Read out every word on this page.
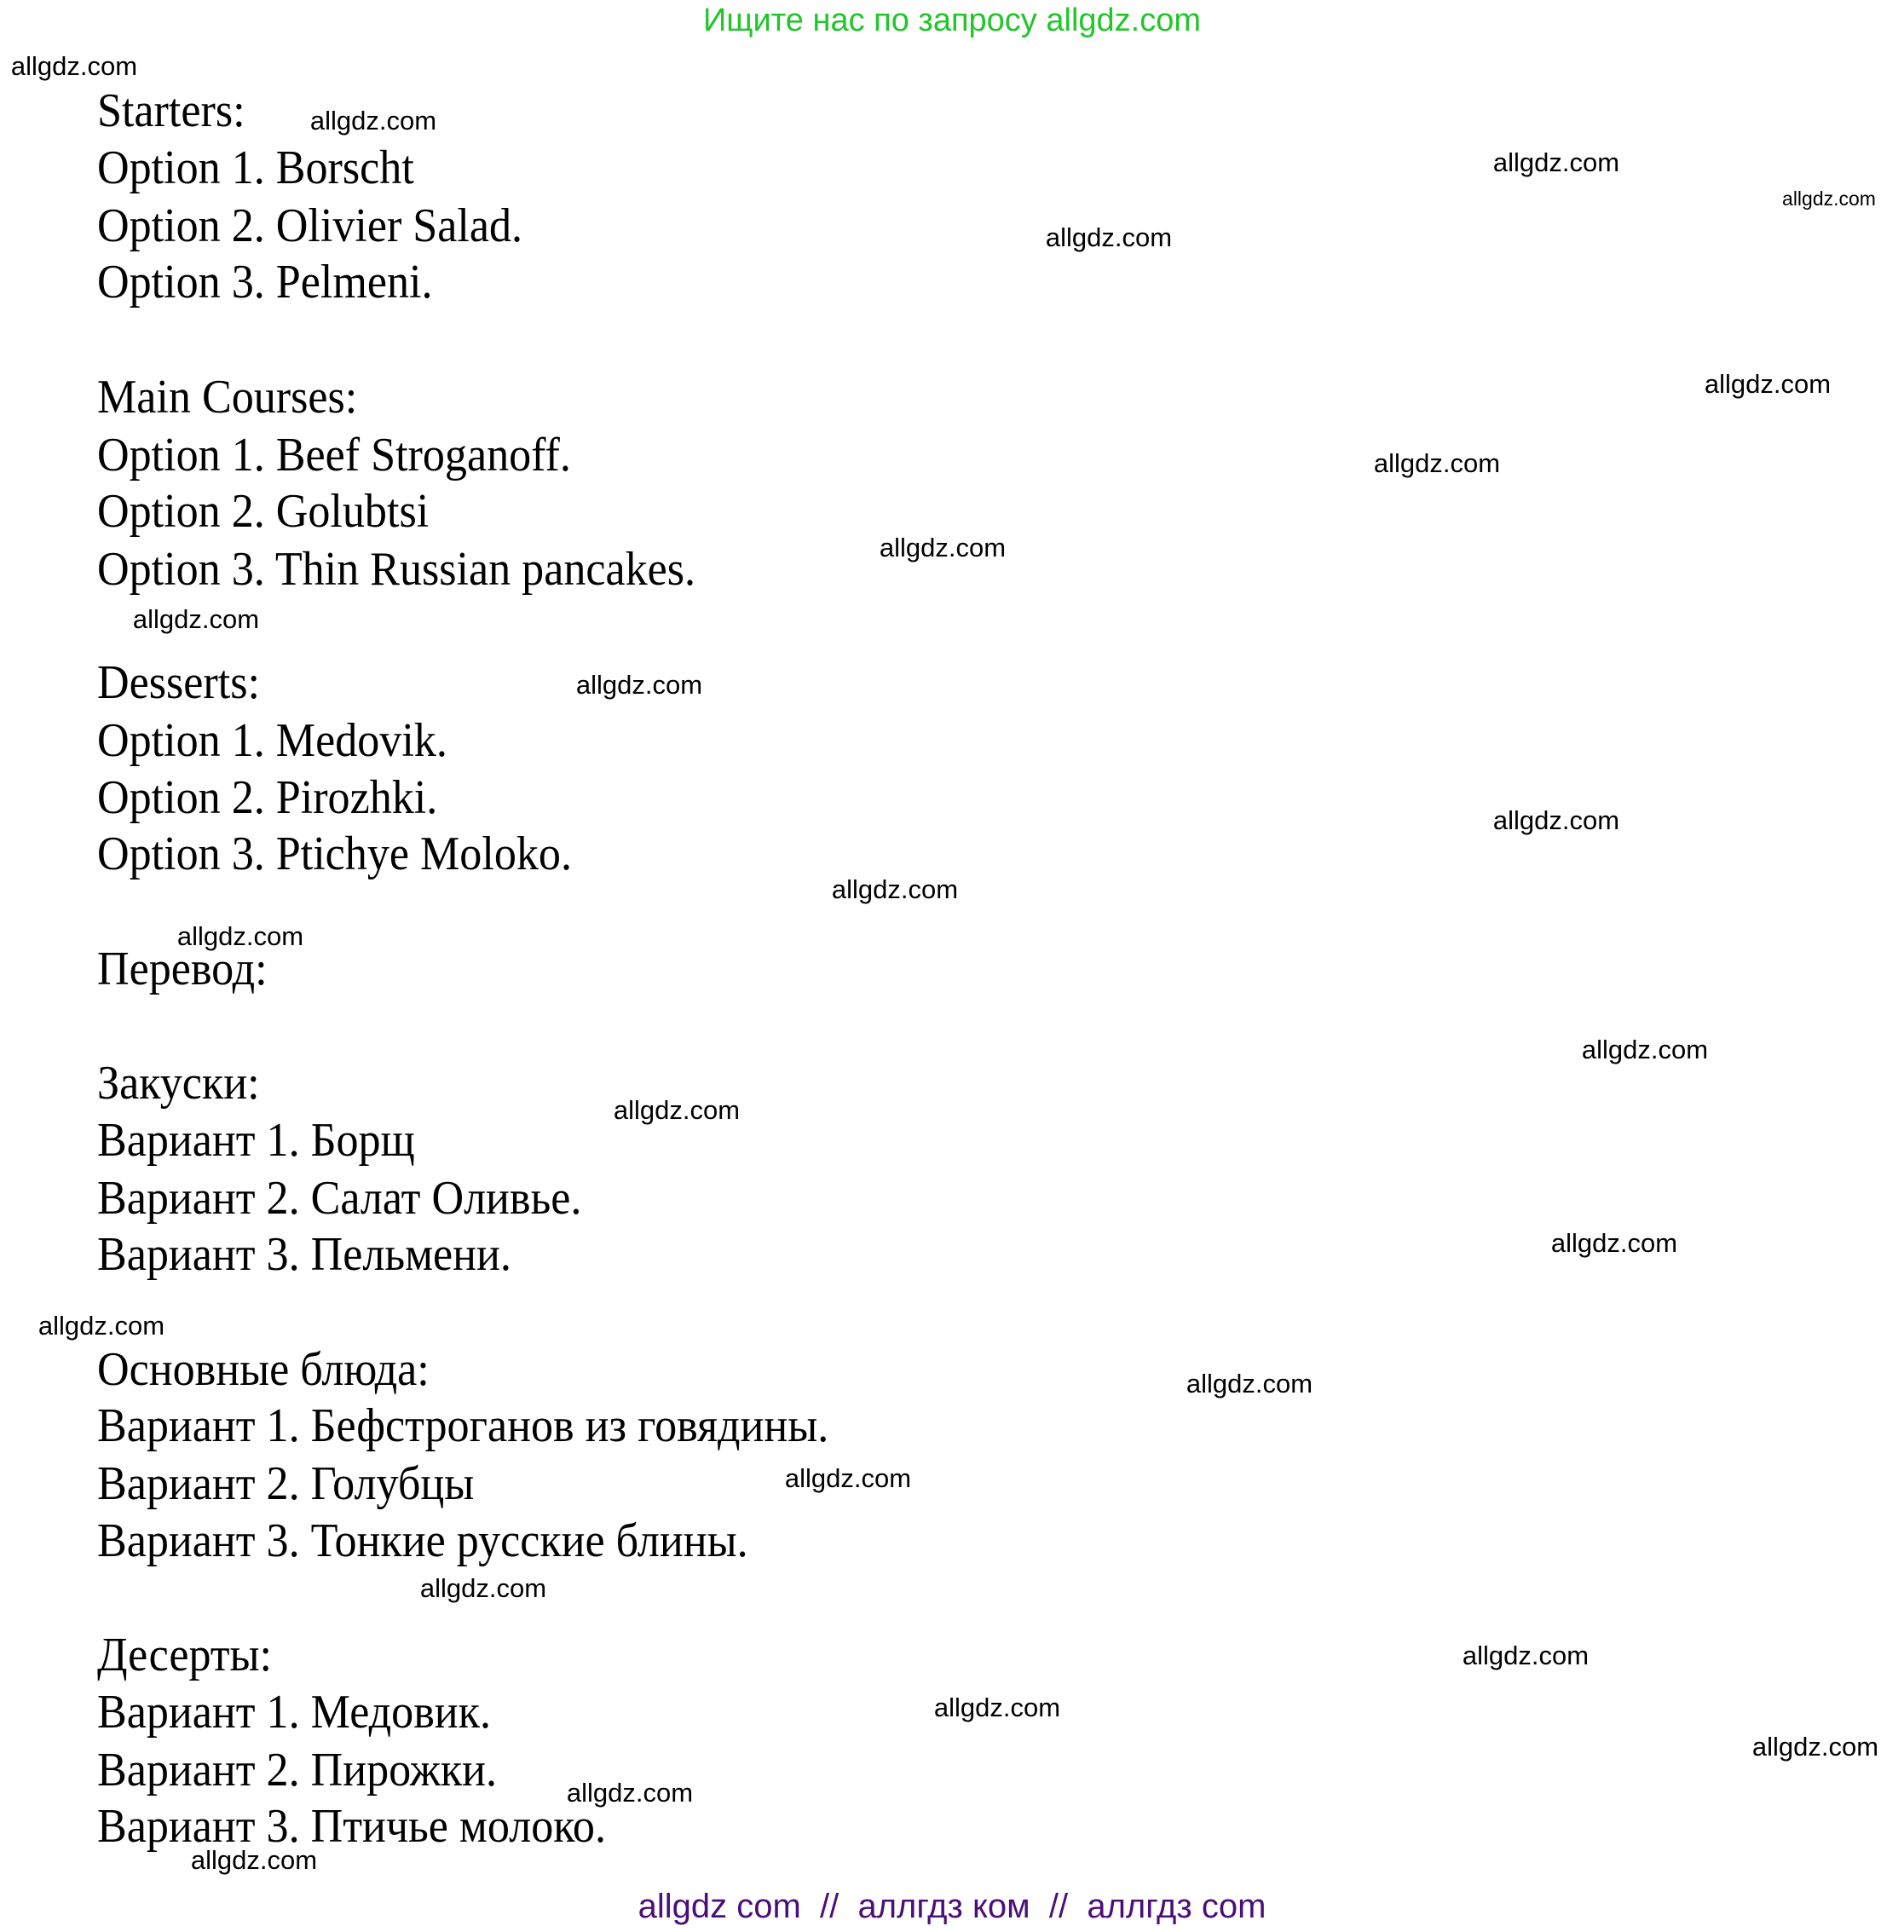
Ищите нас по запросу allgdz.com
Starters:
Option 1. Borscht
Option 2. Olivier Salad.
Option 3. Pelmeni.
Main Courses:
Option 1. Beef Stroganoff.
Option 2. Golubtsi
Option 3. Thin Russian pancakes.
Desserts:
Option 1. Medovik.
Option 2. Pirozhki.
Option 3. Ptichye Moloko.
Перевод:
Закуски:
Вариант 1. Борщ
Вариант 2. Салат Оливье.
Вариант 3. Пельмени.
Основные блюда:
Вариант 1. Бефстроганов из говядины.
Вариант 2. Голубцы
Вариант 3. Тонкие русские блины.
Десерты:
Вариант 1. Медовик.
Вариант 2. Пирожки.
Вариант 3. Птичье молоко.
allgdz.com
allgdz.com
allgdz.com
allgdz.com
allgdz.com
allgdz.com
allgdz.com
allgdz.com
allgdz.com
allgdz.com
allgdz.com
allgdz.com
allgdz.com
allgdz.com
allgdz.com
allgdz.com
allgdz.com
allgdz.com
allgdz.com
allgdz.com
allgdz.com
allgdz.com
allgdz.com
allgdz.com
allgdz.com
allgdz com  //  аллгдз ком  //  аллгдз com
